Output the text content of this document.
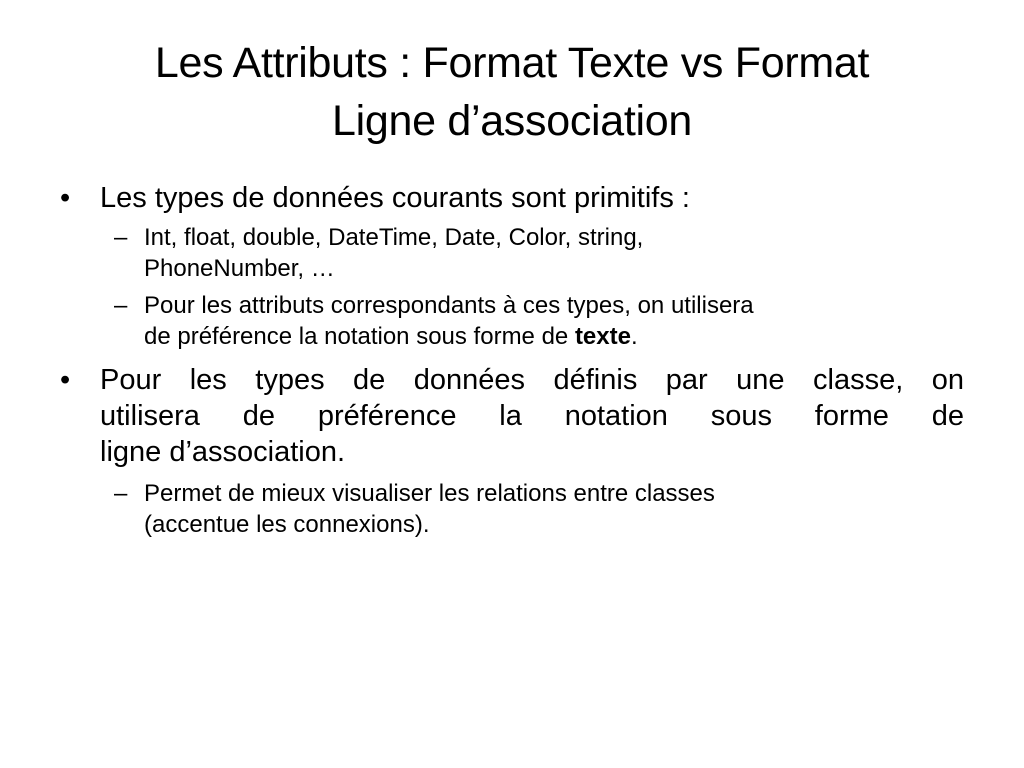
Les Attributs : Format Texte vs Format
Ligne d’association
• Les types de données courants sont primitifs :
– Int, float, double, DateTime, Date, Color, string,
PhoneNumber, …
– Pour les attributs correspondants à ces types, on utilisera
de préférence la notation sous forme de texte.
• Pour les types de données définis par une classe, on
utilisera de préférence la notation sous forme de
ligne d’association.
– Permet de mieux visualiser les relations entre classes
(accentue les connexions).
